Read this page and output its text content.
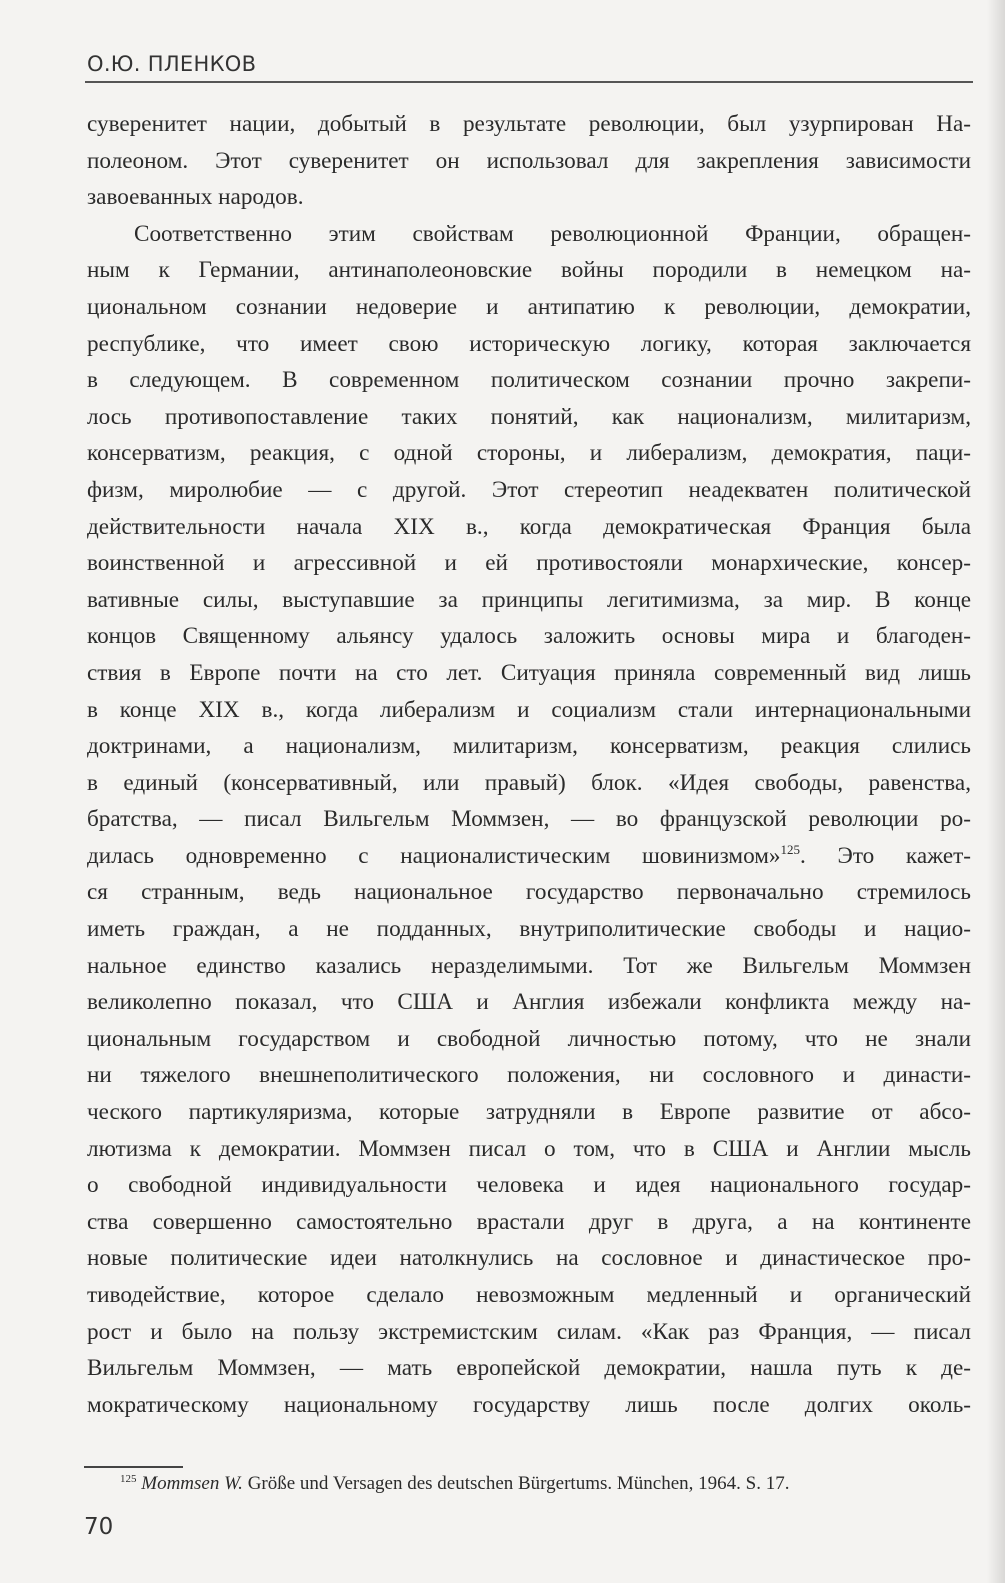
О.Ю. ПЛЕНКОВ
суверенитет нации, добытый в результате революции, был узурпирован На-
полеоном. Этот суверенитет он использовал для закрепления зависимости
завоеванных народов.
Соответственно этим свойствам революционной Франции, обращен-
ным к Германии, антинаполеоновские войны породили в немецком на-
циональном сознании недоверие и антипатию к революции, демократии,
республике, что имеет свою историческую логику, которая заключается
в следующем. В современном политическом сознании прочно закрепи-
лось противопоставление таких понятий, как национализм, милитаризм,
консерватизм, реакция, с одной стороны, и либерализм, демократия, паци-
физм, миролюбие — с другой. Этот стереотип неадекватен политической
действительности начала XIX в., когда демократическая Франция была
воинственной и агрессивной и ей противостояли монархические, консер-
вативные силы, выступавшие за принципы легитимизма, за мир. В конце
концов Священному альянсу удалось заложить основы мира и благоден-
ствия в Европе почти на сто лет. Ситуация приняла современный вид лишь
в конце XIX в., когда либерализм и социализм стали интернациональными
доктринами, а национализм, милитаризм, консерватизм, реакция слились
в единый (консервативный, или правый) блок. «Идея свободы, равенства,
братства, — писал Вильгельм Моммзен, — во французской революции ро-
дилась одновременно с националистическим шовинизмом»$^{125}$. Это кажет-
ся странным, ведь национальное государство первоначально стремилось
иметь граждан, а не подданных, внутриполитические свободы и нацио-
нальное единство казались неразделимыми. Тот же Вильгельм Моммзен
великолепно показал, что США и Англия избежали конфликта между на-
циональным государством и свободной личностью потому, что не знали
ни тяжелого внешнеполитического положения, ни сословного и династи-
ческого партикуляризма, которые затрудняли в Европе развитие от абсо-
лютизма к демократии. Моммзен писал о том, что в США и Англии мысль
о свободной индивидуальности человека и идея национального государ-
ства совершенно самостоятельно врастали друг в друга, а на континенте
новые политические идеи натолкнулись на сословное и династическое про-
тиводействие, которое сделало невозможным медленный и органический
рост и было на пользу экстремистским силам. «Как раз Франция, — писал
Вильгельм Моммзен, — мать европейской демократии, нашла путь к де-
мократическому национальному государству лишь после долгих околь-
$^{125}$ Mommsen W. Größe und Versagen des deutschen Bürgertums. München, 1964. S. 17.
70
